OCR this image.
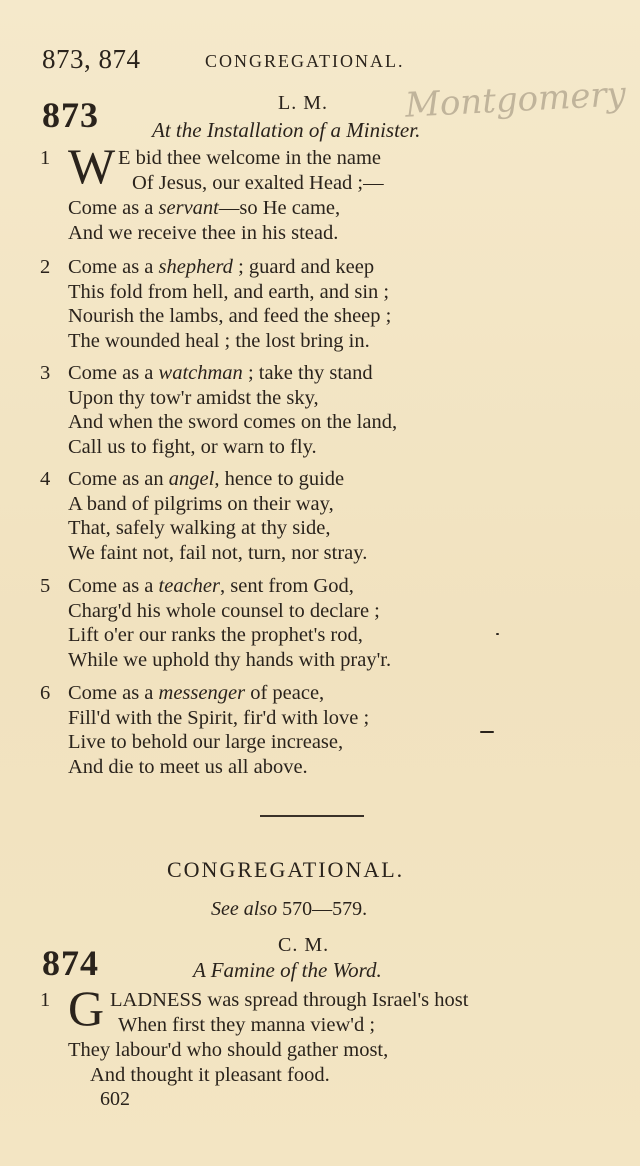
873, 874	CONGREGATIONAL.
873	L. M. Montgomery
At the Installation of a Minister.
1 W E bid thee welcome in the name
Of Jesus, our exalted Head ;—
Come as a servant—so He came,
And we receive thee in his stead.
2 Come as a shepherd ; guard and keep
This fold from hell, and earth, and sin ;
Nourish the lambs, and feed the sheep ;
The wounded heal ; the lost bring in.
3 Come as a watchman ; take thy stand
Upon thy tow'r amidst the sky,
And when the sword comes on the land,
Call us to fight, or warn to fly.
4 Come as an angel, hence to guide
A band of pilgrims on their way,
That, safely walking at thy side,
We faint not, fail not, turn, nor stray.
5 Come as a teacher, sent from God,
Charg'd his whole counsel to declare ;
Lift o'er our ranks the prophet's rod,
While we uphold thy hands with pray'r.
6 Come as a messenger of peace,
Fill'd with the Spirit, fir'd with love ;
Live to behold our large increase,
And die to meet us all above.
CONGREGATIONAL.
See also 570—579.
874	C. M.
A Famine of the Word.
1 G LADNESS was spread through Israel's host
When first they manna view'd ;
They labour'd who should gather most,
And thought it pleasant food.
602
